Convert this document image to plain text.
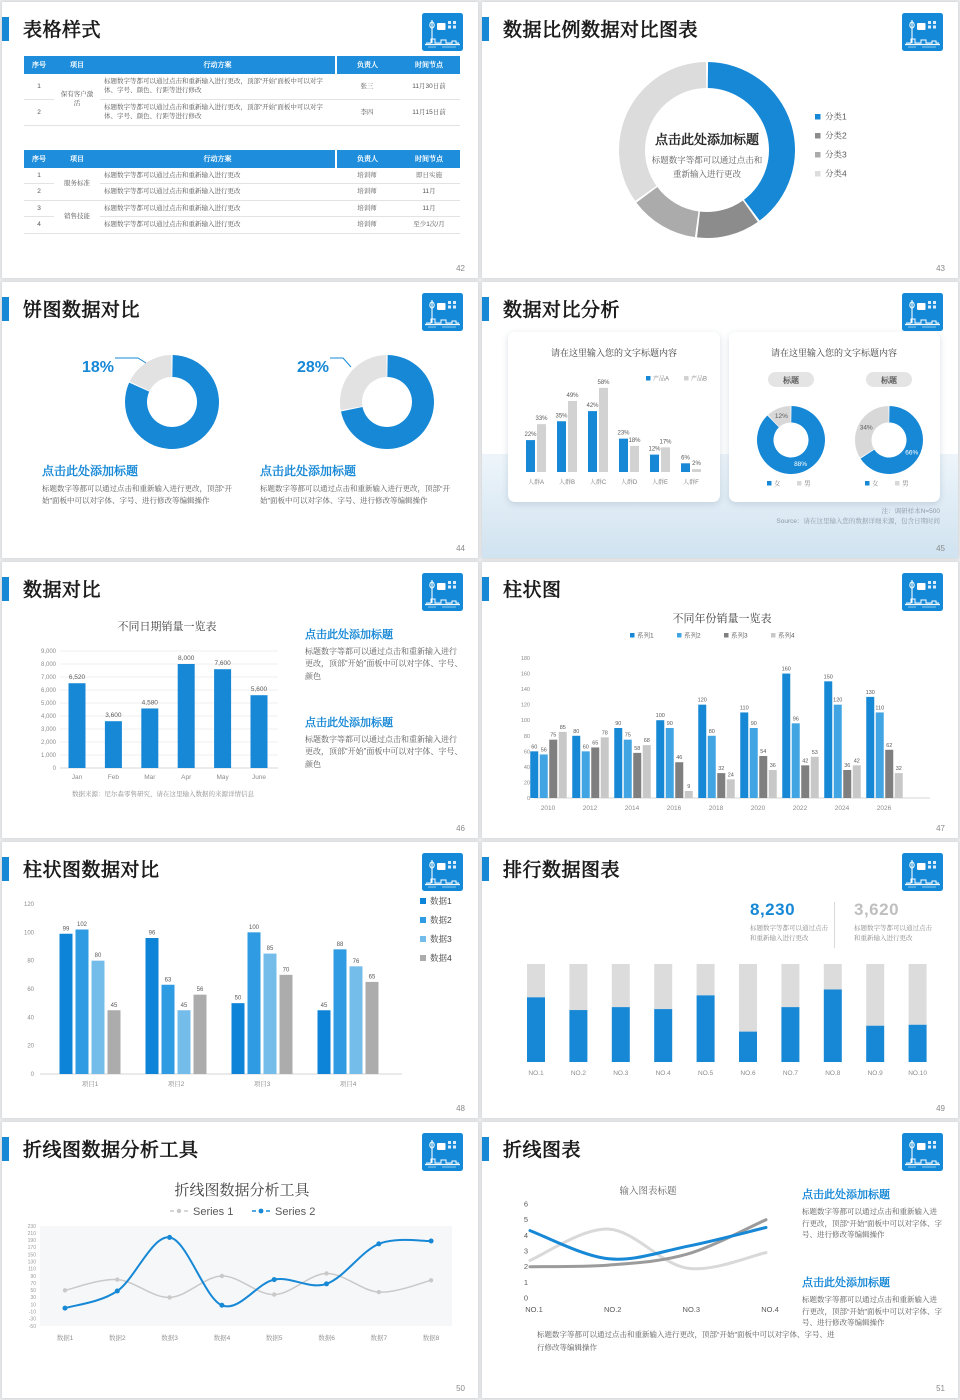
序号	项目	行动方案	负责人	时间节点
1	保有客户激活	标题数字等都可以通过点击和重新输入进行更改，顶部“开始”面板中可以对字体、字号、颜色、行距等进行修改	张三	11月30日前
2		标题数字等都可以通过点击和重新输入进行更改，顶部“开始”面板中可以对字体、字号、颜色、行距等进行修改	李四	11月15日前
序号	项目	行动方案	负责人	时间节点
1	服务标准	标题数字等都可以通过点击和重新输入进行更改	培训师	即日实施
2		标题数字等都可以通过点击和重新输入进行更改	培训师	11月
3	销售技能	标题数字等都可以通过点击和重新输入进行更改	培训师	11月
4		标题数字等都可以通过点击和重新输入进行更改	培训师	至少1次/月
表格样式
42
点击此处添加标题
标题数字等都可以通过点击和
重新输入进行更改
分类1
分类2
分类3
分类4
数据比例数据对比图表
43
18%	28%
点击此处添加标题
标题数字等都可以通过点击和重新输入进行更改，顶部“开始”面板中可以对字体、字号、进行修改等编辑操作
点击此处添加标题
标题数字等都可以通过点击和重新输入进行更改，顶部“开始”面板中可以对字体、字号、进行修改等编辑操作
饼图数据对比
44
请在这里输入您的文字标题内容
产品A	产品B
22%
33%
人群A
35%
49%
人群B
42%
58%
人群C
23%
18%
人群D
12%
17%
人群E
6%
2%
人群F
请在这里输入您的文字标题内容
标题
88%
12%
女	男
标题
66%
34%
女	男
注：调研样本N=500
Source：请在这里输入您的数据详细来源，包含日期时间
数据对比分析
45
不同日期销量一览表
0
1,000
2,000
3,000
4,000
5,000
6,000
7,000
8,000
9,000
6,520
Jan
3,600
Feb
4,580
Mar
8,000
Apr
7,600
May
5,600
June
数据来源：尼尔森零售研究，请在这里输入数据的来源详情信息
点击此处添加标题
标题数字等都可以通过点击和重新输入进行更改，顶部“开始”面板中可以对字体、字号、颜色
点击此处添加标题
标题数字等都可以通过点击和重新输入进行更改，顶部“开始”面板中可以对字体、字号、颜色
数据对比
46
不同年份销量一览表
系列1	系列2	系列3	系列4
0
20
40
60
80
100
120
140
160
180
60
56
75
85
2010
80
60
65
78
2012
90
75
58
68
2014
100
90
46
9
2016
120
80
32
24
2018
110
90
54
36
2020
160
96
42
53
2022
150
120
36
42
2024
130
110
62
32
2026
柱状图
47
数据1
数据2
数据3
数据4
0
20
40
60
80
100
120
99
102
80
45
项目1
96
63
45
56
项目2
50
100
85
70
项目3
45
88
76
65
项目4
柱状图数据对比
48
8,230
标题数字等都可以通过点击和重新输入进行更改
3,620
标题数字等都可以通过点击和重新输入进行更改
NO.1	NO.2	NO.3	NO.4	NO.5	NO.6	NO.7	NO.8	NO.9	NO.10
排行数据图表
49
折线图数据分析工具
Series 1	Series 2
230
210
190
170
150
130
110
90
70
50
30
10
-10
-30
-50
数据1	数据2	数据3	数据4	数据5	数据6	数据7	数据8
折线图数据分析工具
50
输入图表标题
0
1
2
3
4
5
6
NO.1	NO.2	NO.3	NO.4
标题数字等都可以通过点击和重新输入进行更改，顶部“开始”面板中可以对字体、字号、进行修改等编辑操作
点击此处添加标题
标题数字等都可以通过点击和重新输入进行更改，顶部“开始”面板中可以对字体、字号、进行修改等编辑操作
点击此处添加标题
标题数字等都可以通过点击和重新输入进行更改，顶部“开始”面板中可以对字体、字号、进行修改等编辑操作
折线图表
51
